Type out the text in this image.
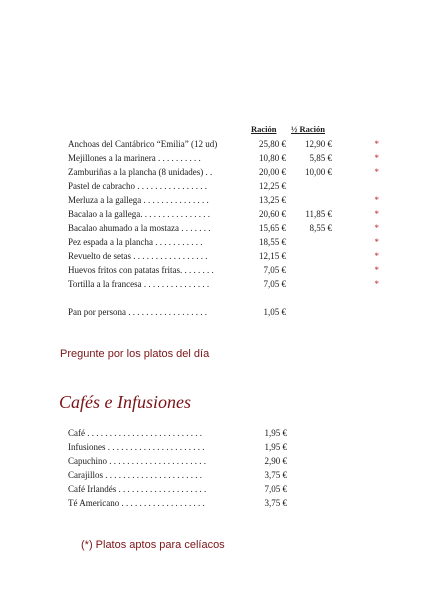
Ración ½ Ración
Anchoas del Cantábrico “Emilia” (12 ud)	25,80 € 12,90 €	*
Mejillones a la marinera . . . . . . . . . .	10,80 €	5,85 €	*
Zamburiñas a la plancha (8 unidades) . .	20,00 € 10,00 €	*
Pastel de cabracho . . . . . . . . . . . . . . . .	12,25 €
Merluza a la gallega . . . . . . . . . . . . . . .	13,25 €	*
Bacalao a la gallega. . . . . . . . . . . . . . . .	20,60 € 11,85 €	*
Bacalao ahumado a la mostaza . . . . . . .	15,65 €	8,55 €	*
Pez espada a la plancha . . . . . . . . . . .	18,55 €	*
Revuelto de setas . . . . . . . . . . . . . . . . .	12,15 €	*
Huevos fritos con patatas fritas. . . . . . . .	7,05 €	*
Tortilla a la francesa . . . . . . . . . . . . . . .	7,05 €	*
Pan por persona . . . . . . . . . . . . . . . . . .	1,05 €
Pregunte por los platos del día
Cafés e Infusiones
Café . . . . . . . . . . . . . . . . . . . . . . . . . .	1,95 €
Infusiones . . . . . . . . . . . . . . . . . . . . . .	1,95 €
Capuchino . . . . . . . . . . . . . . . . . . . . . .	2,90 €
Carajillos . . . . . . . . . . . . . . . . . . . . . .	3,75 €
Café Irlandés . . . . . . . . . . . . . . . . . . . .	7,05 €
Té Americano . . . . . . . . . . . . . . . . . . .	3,75 €
(*) Platos aptos para celíacos
